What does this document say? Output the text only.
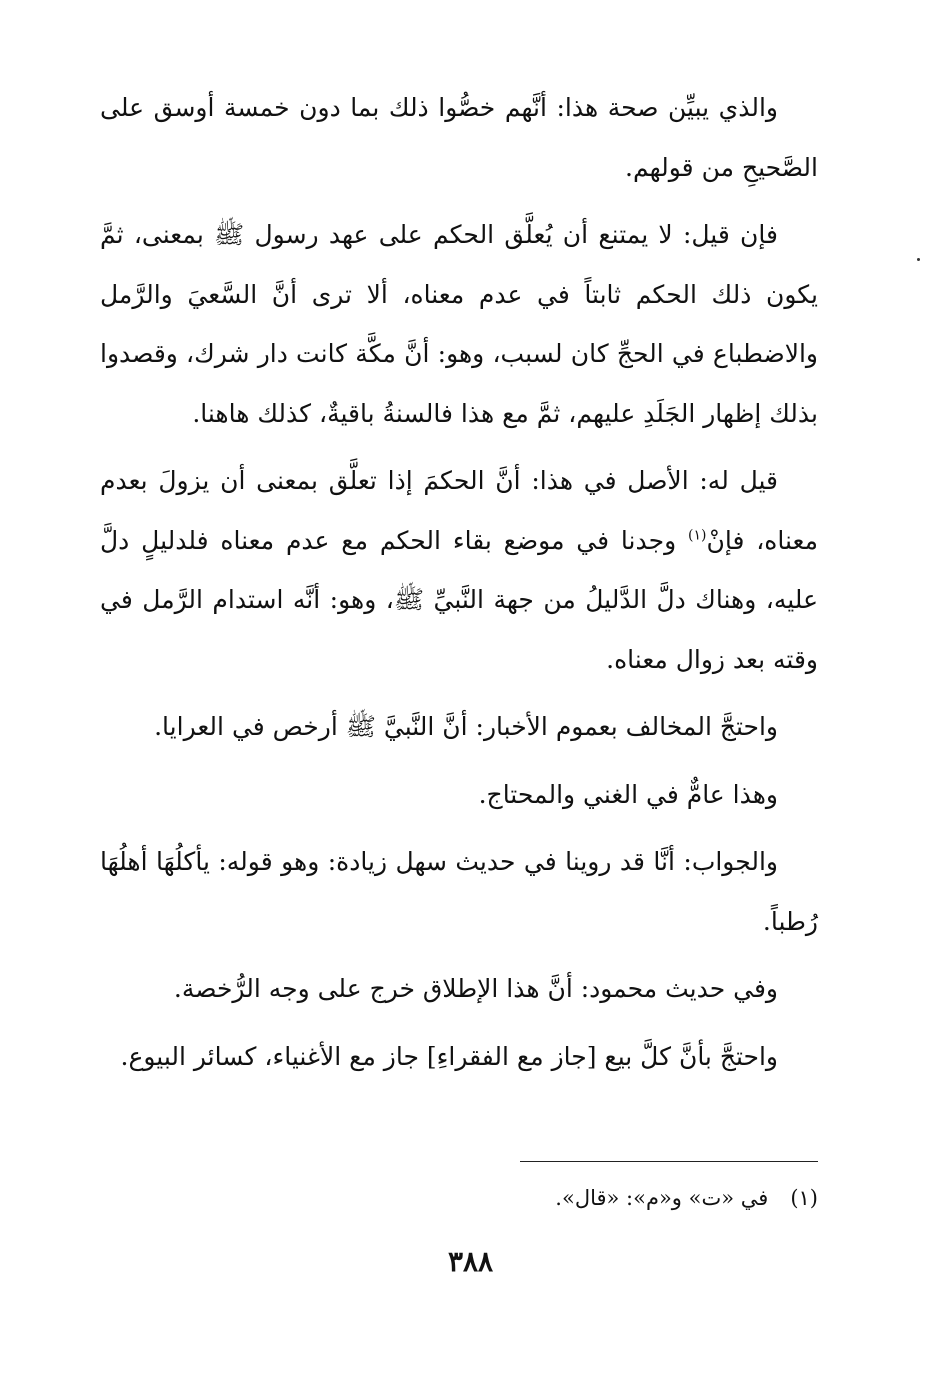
والذي يبيِّن صحة هذا: أنَّهم خصُّوا ذلك بما دون خمسة أوسق على الصَّحيحِ من قولهم.

فإن قيل: لا يمتنع أن يُعلَّق الحكم على عهد رسول ﷺ بمعنى، ثمَّ يكون ذلك الحكم ثابتاً في عدم معناه، ألا ترى أنَّ السَّعيَ والرَّمل والاضطباع في الحجِّ كان لسبب، وهو: أنَّ مكَّة كانت دار شرك، وقصدوا بذلك إظهار الجَلَدِ عليهم، ثمَّ مع هذا فالسنةُ باقيةٌ، كذلك هاهنا.

قيل له: الأصل في هذا: أنَّ الحكمَ إذا تعلَّق بمعنى أن يزولَ بعدم معناه، فإنْ$^{(١)}$ وجدنا في موضع بقاء الحكم مع عدم معناه فلدليلٍ دلَّ عليه، وهناك دلَّ الدَّليلُ من جهة النَّبيِّ ﷺ، وهو: أنَّه استدام الرَّمل في وقته بعد زوال معناه.

واحتجَّ المخالف بعموم الأخبار: أنَّ النَّبيَّ ﷺ أرخص في العرايا.

وهذا عامٌّ في الغني والمحتاج.

والجواب: أنَّا قد روينا في حديث سهل زيادة: وهو قوله: يأكلُهَا أهلُهَا رُطباً.

وفي حديث محمود: أنَّ هذا الإطلاق خرج على وجه الرُّخصة.

واحتجَّ بأنَّ كلَّ بيع [جاز مع الفقراءِ] جاز مع الأغنياء، كسائر البيوع.

(١)في «ت» و«م»: «قال».
٣٨٨
